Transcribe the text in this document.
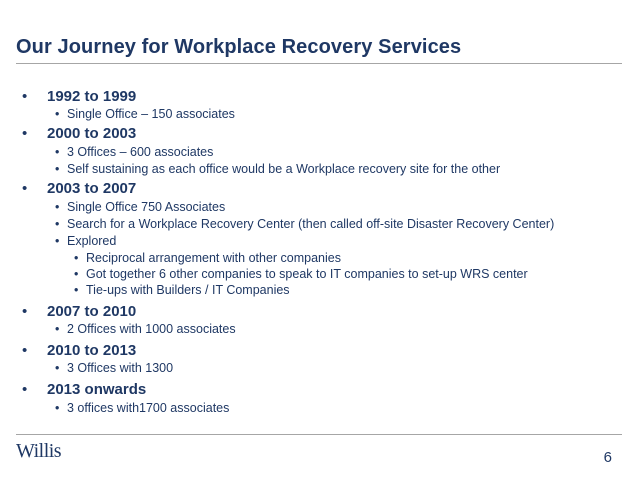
Our Journey for Workplace Recovery Services
• 1992 to 1999
• Single Office – 150 associates
• 2000 to 2003
• 3 Offices – 600 associates
• Self sustaining as each office would be a Workplace recovery site for the other
• 2003 to 2007
• Single Office 750 Associates
• Search for a Workplace Recovery Center (then called off-site Disaster Recovery Center)
• Explored
• Reciprocal arrangement with other companies
• Got together 6 other companies to speak to IT companies to set-up WRS center
• Tie-ups with Builders / IT Companies
• 2007 to 2010
• 2 Offices with 1000 associates
• 2010 to 2013
• 3 Offices with 1300
• 2013 onwards
• 3 offices with1700 associates
Willis	6
